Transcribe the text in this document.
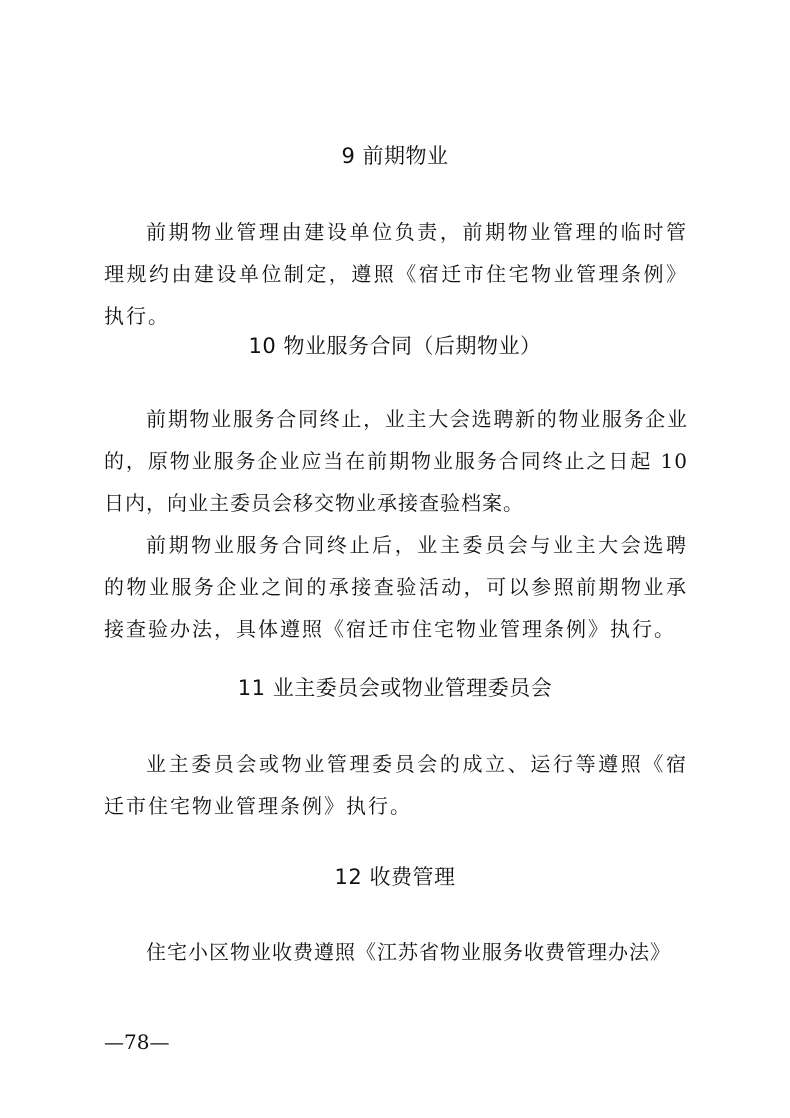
9 前期物业
前期物业管理由建设单位负责，前期物业管理的临时管理规约由建设单位制定，遵照《宿迁市住宅物业管理条例》执行。
10 物业服务合同（后期物业）
前期物业服务合同终止，业主大会选聘新的物业服务企业的，原物业服务企业应当在前期物业服务合同终止之日起 10 日内，向业主委员会移交物业承接查验档案。
前期物业服务合同终止后，业主委员会与业主大会选聘的物业服务企业之间的承接查验活动，可以参照前期物业承接查验办法，具体遵照《宿迁市住宅物业管理条例》执行。
11 业主委员会或物业管理委员会
业主委员会或物业管理委员会的成立、运行等遵照《宿迁市住宅物业管理条例》执行。
12 收费管理
住宅小区物业收费遵照《江苏省物业服务收费管理办法》
—78—
